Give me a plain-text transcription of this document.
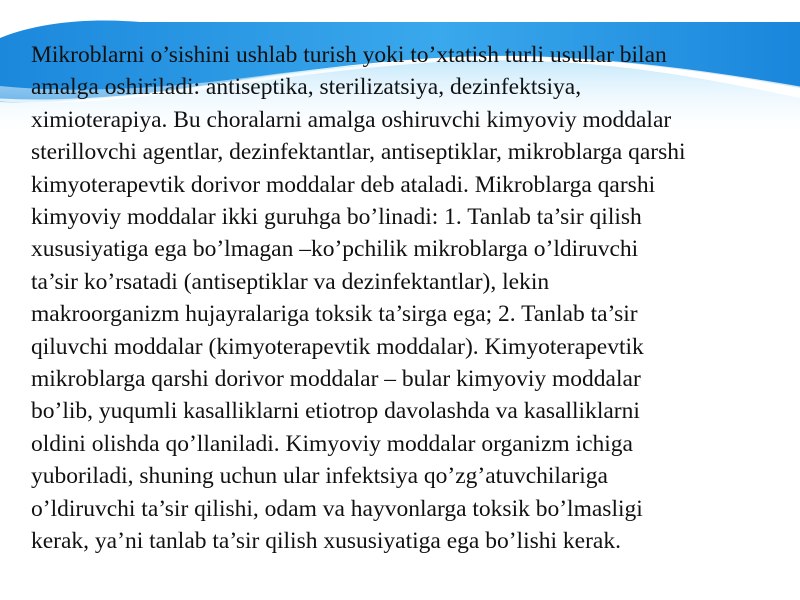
Mikroblarni o’sishini ushlab turish yoki to’xtatish turli usullar bilan
amalga oshiriladi: antiseptika, sterilizatsiya, dezinfektsiya,
ximioterapiya. Bu choralarni amalga oshiruvchi kimyoviy moddalar
sterillovchi agentlar, dezinfektantlar, antiseptiklar, mikroblarga qarshi
kimyoterapevtik dorivor moddalar deb ataladi. Mikroblarga qarshi
kimyoviy moddalar ikki guruhga bo’linadi: 1. Tanlab ta’sir qilish
xususiyatiga ega bo’lmagan –ko’pchilik mikroblarga o’ldiruvchi
ta’sir ko’rsatadi (antiseptiklar va dezinfektantlar), lekin
makroorganizm hujayralariga toksik ta’sirga ega; 2. Tanlab ta’sir
qiluvchi moddalar (kimyoterapevtik moddalar). Kimyoterapevtik
mikroblarga qarshi dorivor moddalar – bular kimyoviy moddalar
bo’lib, yuqumli kasalliklarni etiotrop davolashda va kasalliklarni
oldini olishda qo’llaniladi. Kimyoviy moddalar organizm ichiga
yuboriladi, shuning uchun ular infektsiya qo’zg’atuvchilariga
o’ldiruvchi ta’sir qilishi, odam va hayvonlarga toksik bo’lmasligi
kerak, ya’ni tanlab ta’sir qilish xususiyatiga ega bo’lishi kerak.
